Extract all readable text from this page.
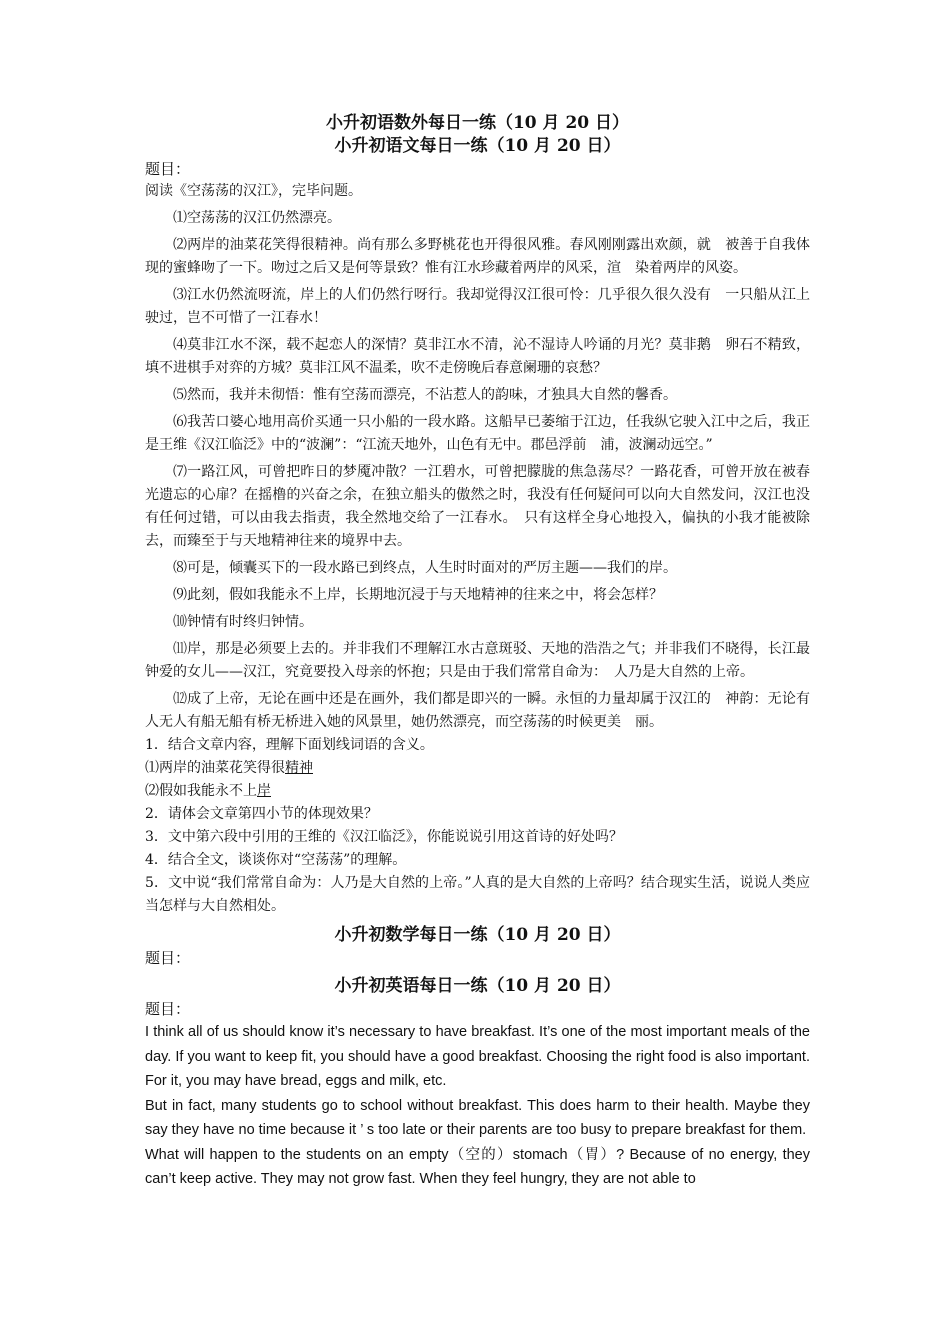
小升初语数外每日一练（10 月 20 日）

小升初语文每日一练（10 月 20 日）

题目：

阅读《空荡荡的汉江》，完毕问题。

⑴空荡荡的汉江仍然漂亮。

⑵两岸的油菜花笑得很精神。尚有那么多野桃花也开得很风雅。春风刚刚露出欢颜，就　被善于自我体现的蜜蜂吻了一下。吻过之后又是何等景致？惟有江水珍藏着两岸的风采，渲　染着两岸的风姿。

⑶江水仍然流呀流，岸上的人们仍然行呀行。我却觉得汉江很可怜：几乎很久很久没有　一只船从江上驶过，岂不可惜了一江春水！

⑷莫非江水不深，载不起恋人的深情？莫非江水不清，沁不湿诗人吟诵的月光？莫非鹅　卵石不精致，填不进棋手对弈的方城？莫非江风不温柔，吹不走傍晚后春意阑珊的哀愁？

⑸然而，我并未彻悟：惟有空荡而漂亮，不沾惹人的韵味，才独具大自然的馨香。

⑹我苦口婆心地用高价买通一只小船的一段水路。这船早已萎缩于江边，任我纵它驶入江中之后，我正是王维《汉江临泛》中的“波澜”：“江流天地外，山色有无中。郡邑浮前　浦，波澜动远空。”

⑺一路江风，可曾把昨日的梦魇冲散？一江碧水，可曾把朦胧的焦急荡尽？一路花香，可曾开放在被春光遗忘的心扉？在摇橹的兴奋之余，在独立船头的傲然之时，我没有任何疑问可以向大自然发问，汉江也没有任何过错，可以由我去指责，我全然地交给了一江春水。　只有这样全身心地投入，偏执的小我才能被除去，而臻至于与天地精神往来的境界中去。

⑻可是，倾囊买下的一段水路已到终点，人生时时面对的严厉主题——我们的岸。

⑼此刻，假如我能永不上岸，长期地沉浸于与天地精神的往来之中，将会怎样？

⑽钟情有时终归钟情。

⑾岸，那是必须要上去的。并非我们不理解江水古意斑驳、天地的浩浩之气；并非我们不晓得，长江最钟爱的女儿——汉江，究竟要投入母亲的怀抱；只是由于我们常常自命为：　人乃是大自然的上帝。

⑿成了上帝，无论在画中还是在画外，我们都是即兴的一瞬。永恒的力量却属于汉江的　神韵：无论有人无人有船无船有桥无桥进入她的风景里，她仍然漂亮，而空荡荡的时候更美　丽。

1．结合文章内容，理解下面划线词语的含义。

⑴两岸的油菜花笑得很精神

⑵假如我能永不上岸

2．请体会文章第四小节的体现效果？

3．文中第六段中引用的王维的《汉江临泛》，你能说说引用这首诗的好处吗？

4．结合全文，谈谈你对“空荡荡”的理解。

5．文中说“我们常常自命为：人乃是大自然的上帝。”人真的是大自然的上帝吗？结合现实生活，说说人类应当怎样与大自然相处。

小升初数学每日一练（10 月 20 日）

题目：

小升初英语每日一练（10 月 20 日）

题目：

I think all of us should know it’s necessary to have breakfast. It’s one of the most important meals of the day. If you want to keep fit, you should have a good breakfast. Choosing the right food is also important. For it, you may have bread, eggs and milk, etc.

But in fact, many students go to school without breakfast. This does harm to their health. Maybe they say they have no time because it ’ s too late or their parents are too busy to prepare breakfast for them.

What will happen to the students on an empty（空的）stomach（胃）? Because of no energy, they can’t keep active. They may not grow fast. When they feel hungry, they are not able to
